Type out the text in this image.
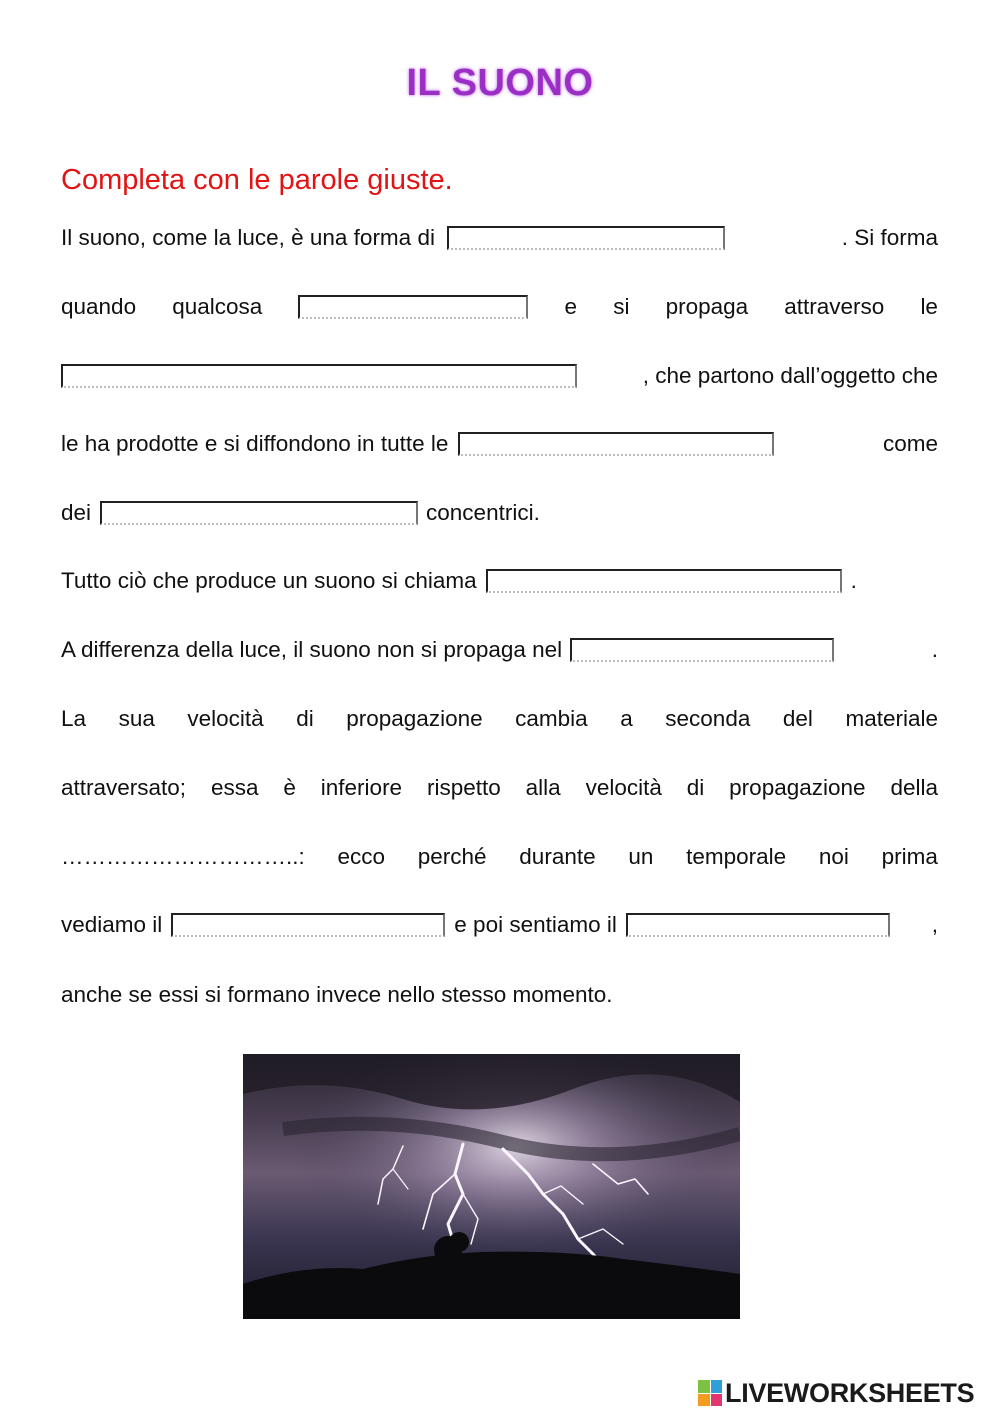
IL SUONO
Completa con le parole giuste.
Il suono, come la luce, è una forma di	. Si forma
quando qualcosa	e si propaga attraverso le
, che partono dall’oggetto che
le ha prodotte e si diffondono in tutte le	come
dei	concentrici.
Tutto ciò che produce un suono si chiama	.
A differenza della luce, il suono non si propaga nel	.
La sua velocità di propagazione cambia a seconda del materiale
attraversato; essa è inferiore rispetto alla velocità di propagazione della
…………………………..: ecco perché durante un temporale noi prima
vediamo il	e poi sentiamo il	,
anche se essi si formano invece nello stesso momento.
LIVEWORKSHEETS
